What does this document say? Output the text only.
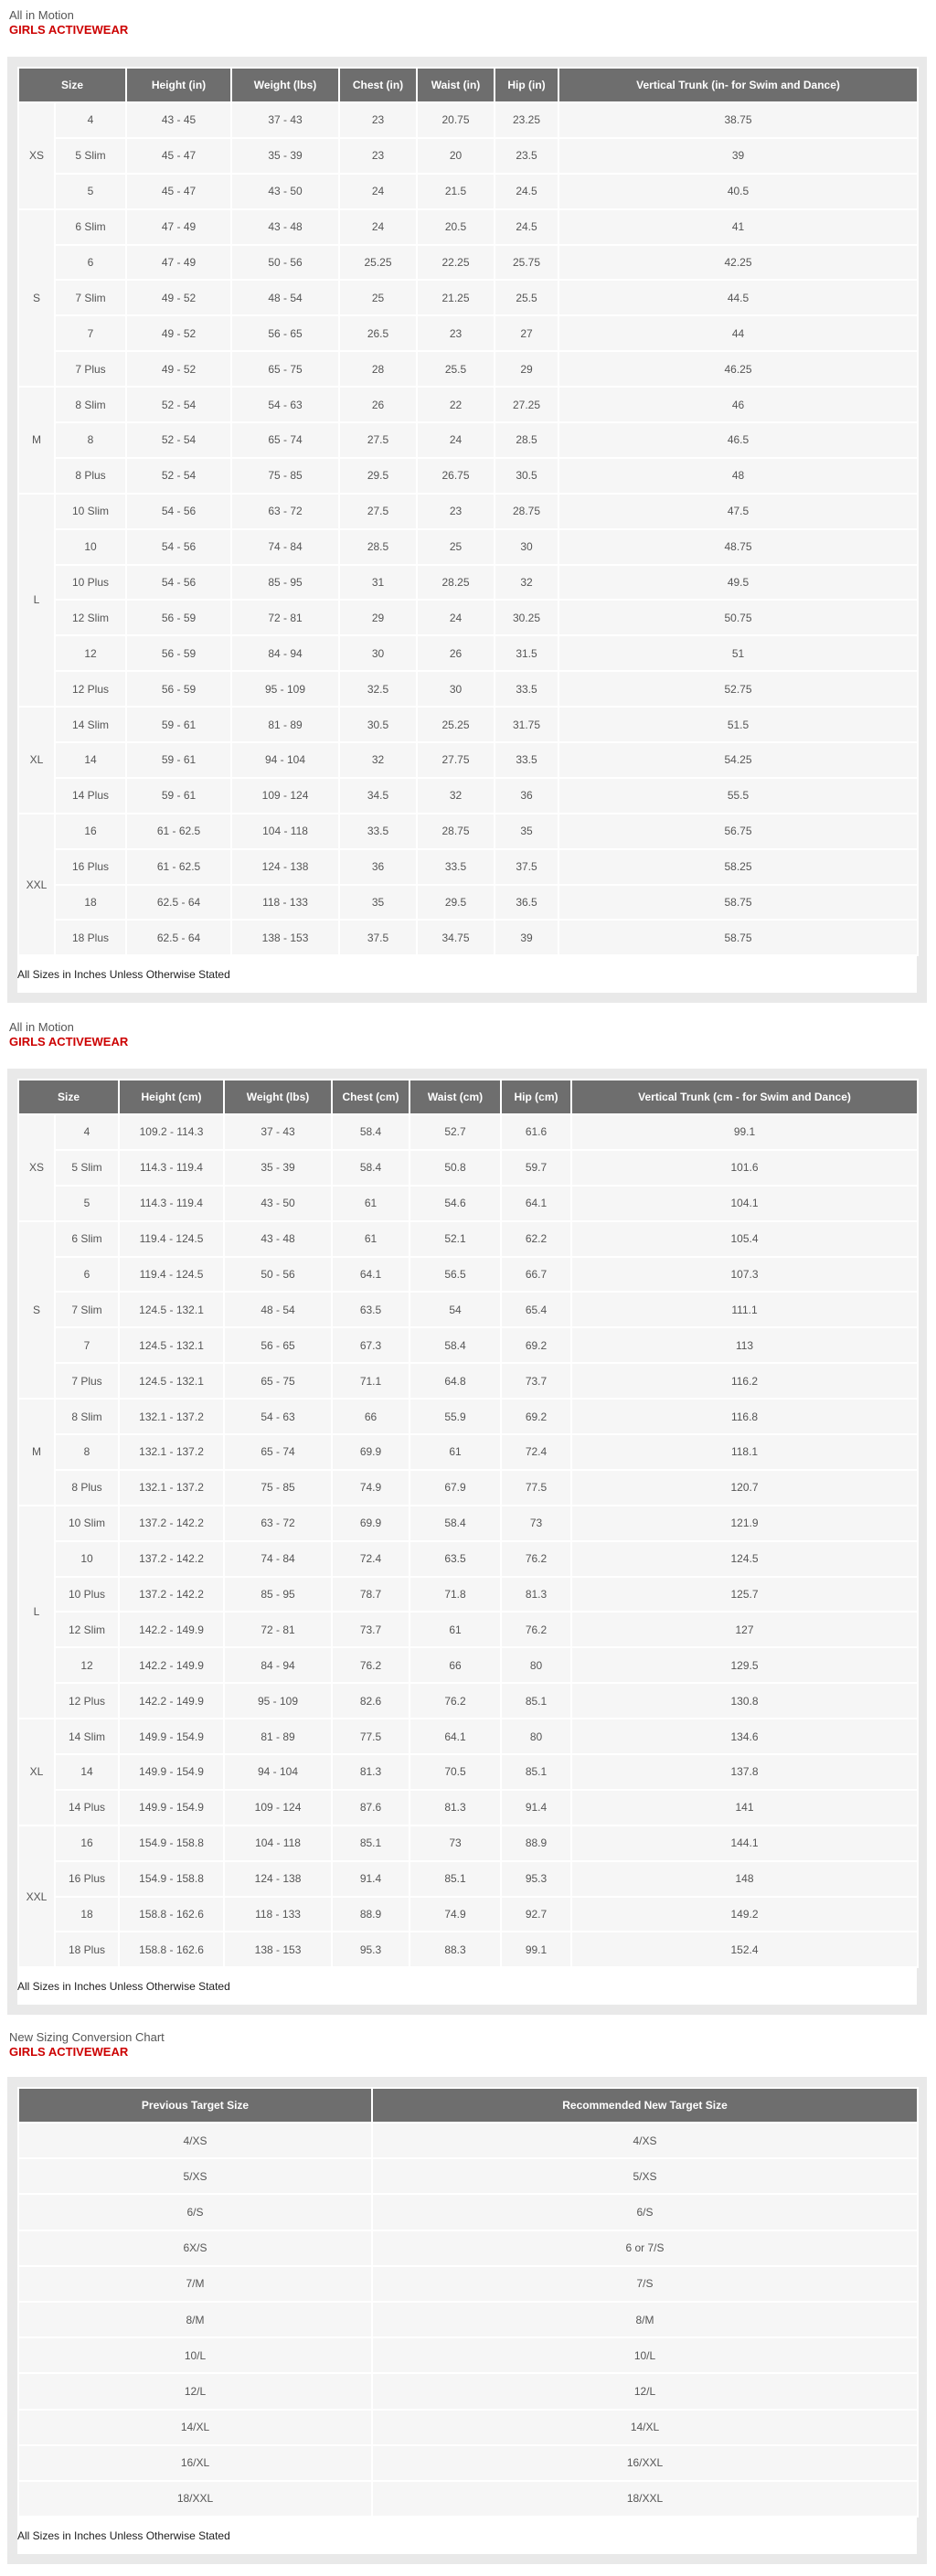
All in Motion
GIRLS ACTIVEWEAR
Size		Height (in)	Weight (lbs)	Chest (in)	Waist (in)	Hip (in)	Vertical Trunk (in- for Swim and Dance)
XS	4	43 - 45	37 - 43	23	20.75	23.25	38.75
	5 Slim	45 - 47	35 - 39	23	20	23.5	39
	5	45 - 47	43 - 50	24	21.5	24.5	40.5
S	6 Slim	47 - 49	43 - 48	24	20.5	24.5	41
	6	47 - 49	50 - 56	25.25	22.25	25.75	42.25
	7 Slim	49 - 52	48 - 54	25	21.25	25.5	44.5
	7	49 - 52	56 - 65	26.5	23	27	44
	7 Plus	49 - 52	65 - 75	28	25.5	29	46.25
M	8 Slim	52 - 54	54 - 63	26	22	27.25	46
	8	52 - 54	65 - 74	27.5	24	28.5	46.5
	8 Plus	52 - 54	75 - 85	29.5	26.75	30.5	48
L	10 Slim	54 - 56	63 - 72	27.5	23	28.75	47.5
	10	54 - 56	74 - 84	28.5	25	30	48.75
	10 Plus	54 - 56	85 - 95	31	28.25	32	49.5
	12 Slim	56 - 59	72 - 81	29	24	30.25	50.75
	12	56 - 59	84 - 94	30	26	31.5	51
	12 Plus	56 - 59	95 - 109	32.5	30	33.5	52.75
XL	14 Slim	59 - 61	81 - 89	30.5	25.25	31.75	51.5
	14	59 - 61	94 - 104	32	27.75	33.5	54.25
	14 Plus	59 - 61	109 - 124	34.5	32	36	55.5
XXL	16	61 - 62.5	104 - 118	33.5	28.75	35	56.75
	16 Plus	61 - 62.5	124 - 138	36	33.5	37.5	58.25
	18	62.5 - 64	118 - 133	35	29.5	36.5	58.75
	18 Plus	62.5 - 64	138 - 153	37.5	34.75	39	58.75
All Sizes in Inches Unless Otherwise Stated
All in Motion
GIRLS ACTIVEWEAR
Size		Height (cm)	Weight (lbs)	Chest (cm)	Waist (cm)	Hip (cm)	Vertical Trunk (cm - for Swim and Dance)
XS	4	109.2 - 114.3	37 - 43	58.4	52.7	61.6	99.1
	5 Slim	114.3 - 119.4	35 - 39	58.4	50.8	59.7	101.6
	5	114.3 - 119.4	43 - 50	61	54.6	64.1	104.1
S	6 Slim	119.4 - 124.5	43 - 48	61	52.1	62.2	105.4
	6	119.4 - 124.5	50 - 56	64.1	56.5	66.7	107.3
	7 Slim	124.5 - 132.1	48 - 54	63.5	54	65.4	111.1
	7	124.5 - 132.1	56 - 65	67.3	58.4	69.2	113
	7 Plus	124.5 - 132.1	65 - 75	71.1	64.8	73.7	116.2
M	8 Slim	132.1 - 137.2	54 - 63	66	55.9	69.2	116.8
	8	132.1 - 137.2	65 - 74	69.9	61	72.4	118.1
	8 Plus	132.1 - 137.2	75 - 85	74.9	67.9	77.5	120.7
L	10 Slim	137.2 - 142.2	63 - 72	69.9	58.4	73	121.9
	10	137.2 - 142.2	74 - 84	72.4	63.5	76.2	124.5
	10 Plus	137.2 - 142.2	85 - 95	78.7	71.8	81.3	125.7
	12 Slim	142.2 - 149.9	72 - 81	73.7	61	76.2	127
	12	142.2 - 149.9	84 - 94	76.2	66	80	129.5
	12 Plus	142.2 - 149.9	95 - 109	82.6	76.2	85.1	130.8
XL	14 Slim	149.9 - 154.9	81 - 89	77.5	64.1	80	134.6
	14	149.9 - 154.9	94 - 104	81.3	70.5	85.1	137.8
	14 Plus	149.9 - 154.9	109 - 124	87.6	81.3	91.4	141
XXL	16	154.9 - 158.8	104 - 118	85.1	73	88.9	144.1
	16 Plus	154.9 - 158.8	124 - 138	91.4	85.1	95.3	148
	18	158.8 - 162.6	118 - 133	88.9	74.9	92.7	149.2
	18 Plus	158.8 - 162.6	138 - 153	95.3	88.3	99.1	152.4
All Sizes in Inches Unless Otherwise Stated
New Sizing Conversion Chart
GIRLS ACTIVEWEAR
Previous Target Size	Recommended New Target Size
4/XS	4/XS
5/XS	5/XS
6/S	6/S
6X/S	6 or 7/S
7/M	7/S
8/M	8/M
10/L	10/L
12/L	12/L
14/XL	14/XL
16/XL	16/XXL
18/XXL	18/XXL
All Sizes in Inches Unless Otherwise Stated
